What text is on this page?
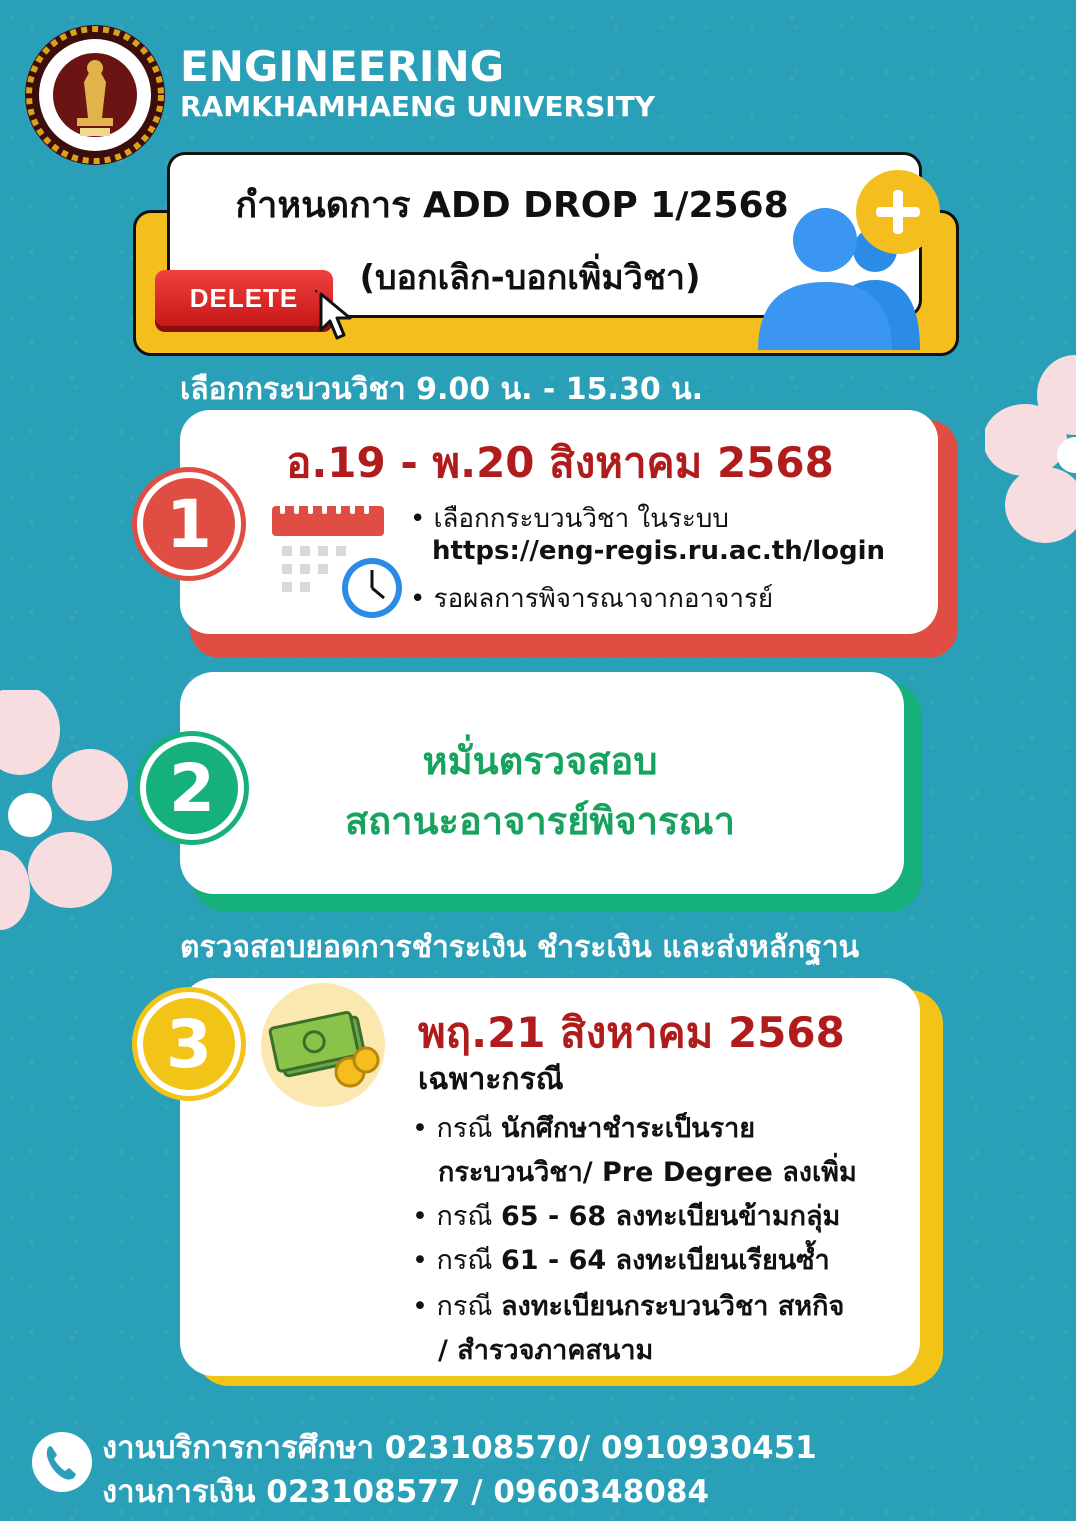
ENGINEERING
RAMKHAMHAENG UNIVERSITY
กำหนดการ ADD DROP 1/2568
(บอกเลิก-บอกเพิ่มวิชา)
DELETE
เลือกกระบวนวิชา 9.00 น. - 15.30 น.
อ.19 - พ.20 สิงหาคม 2568
1	• เลือกกระบวนวิชา ในระบบ
https://eng-regis.ru.ac.th/login
• รอผลการพิจารณาจากอาจารย์
2	หมั่นตรวจสอบ
สถานะอาจารย์พิจารณา
ตรวจสอบยอดการชำระเงิน ชำระเงิน และส่งหลักฐาน
3	พฤ.21 สิงหาคม 2568
เฉพาะกรณี
• กรณี นักศึกษาชำระเป็นราย
กระบวนวิชา/ Pre Degree ลงเพิ่ม
• กรณี 65 - 68 ลงทะเบียนข้ามกลุ่ม
• กรณี 61 - 64 ลงทะเบียนเรียนซ้ำ
• กรณี ลงทะเบียนกระบวนวิชา สหกิจ
/ สำรวจภาคสนาม
งานบริการการศึกษา 023108570/ 0910930451
งานการเงิน 023108577 / 0960348084
